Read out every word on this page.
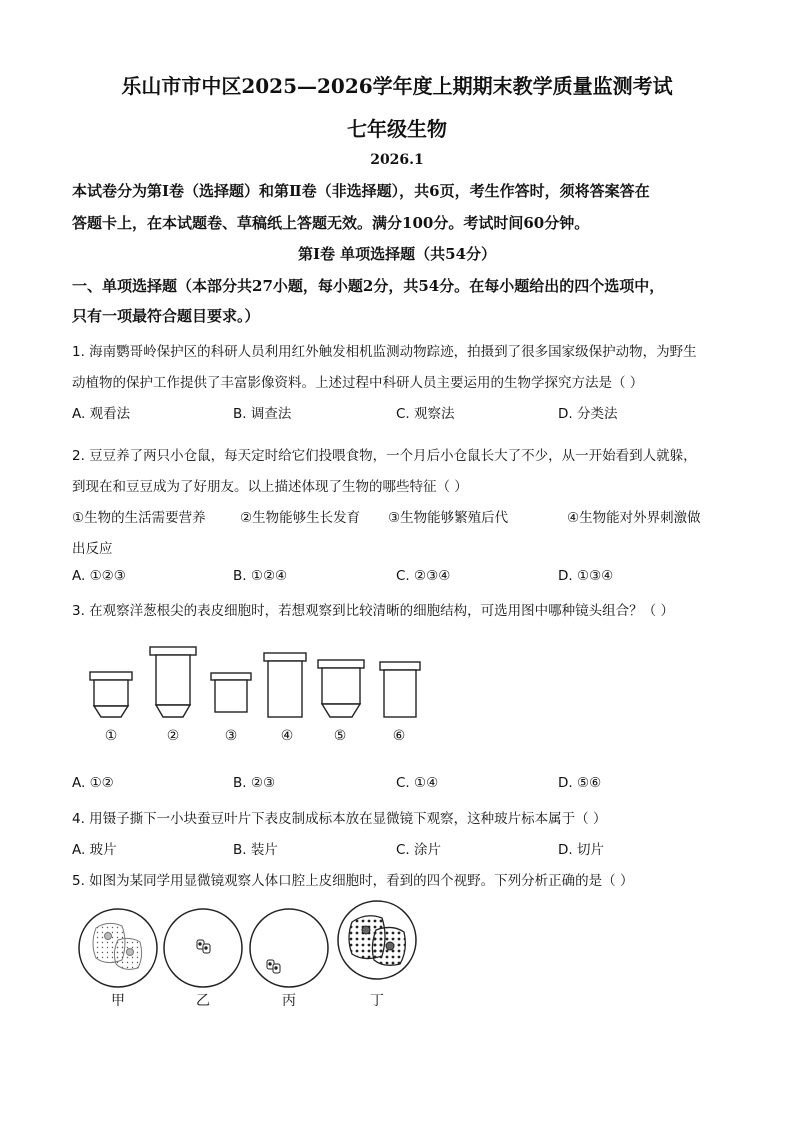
乐山市市中区2025—2026学年度上期期末教学质量监测考试
七年级生物
2026.1
本试卷分为第Ⅰ卷（选择题）和第Ⅱ卷（非选择题），共6页，考生作答时，须将答案答在
答题卡上，在本试题卷、草稿纸上答题无效。满分100分。考试时间60分钟。
第Ⅰ卷 单项选择题（共54分）
一、单项选择题（本部分共27小题，每小题2分，共54分。在每小题给出的四个选项中，
只有一项最符合题目要求。）
1. 海南鹦哥岭保护区的科研人员利用红外触发相机监测动物踪迹，拍摄到了很多国家级保护动物，为野生
动植物的保护工作提供了丰富影像资料。上述过程中科研人员主要运用的生物学探究方法是（ ）
A. 观看法	B. 调查法	C. 观察法	D. 分类法
2. 豆豆养了两只小仓鼠，每天定时给它们投喂食物，一个月后小仓鼠长大了不少，从一开始看到人就躲，
到现在和豆豆成为了好朋友。以上描述体现了生物的哪些特征（ ）
①生物的生活需要营养	②生物能够生长发育 ③生物能够繁殖后代	④生物能对外界刺激做
出反应
A. ①②③	B. ①②④	C. ②③④	D. ①③④
3. 在观察洋葱根尖的表皮细胞时，若想观察到比较清晰的细胞结构，可选用图中哪种镜头组合？（ ）
①	②	③	④	⑤	⑥
A. ①②	B. ②③	C. ①④	D. ⑤⑥
4. 用镊子撕下一小块蚕豆叶片下表皮制成标本放在显微镜下观察，这种玻片标本属于（ ）
A. 玻片	B. 装片	C. 涂片	D. 切片
5. 如图为某同学用显微镜观察人体口腔上皮细胞时，看到的四个视野。下列分析正确的是（ ）
甲	乙	丙	丁
